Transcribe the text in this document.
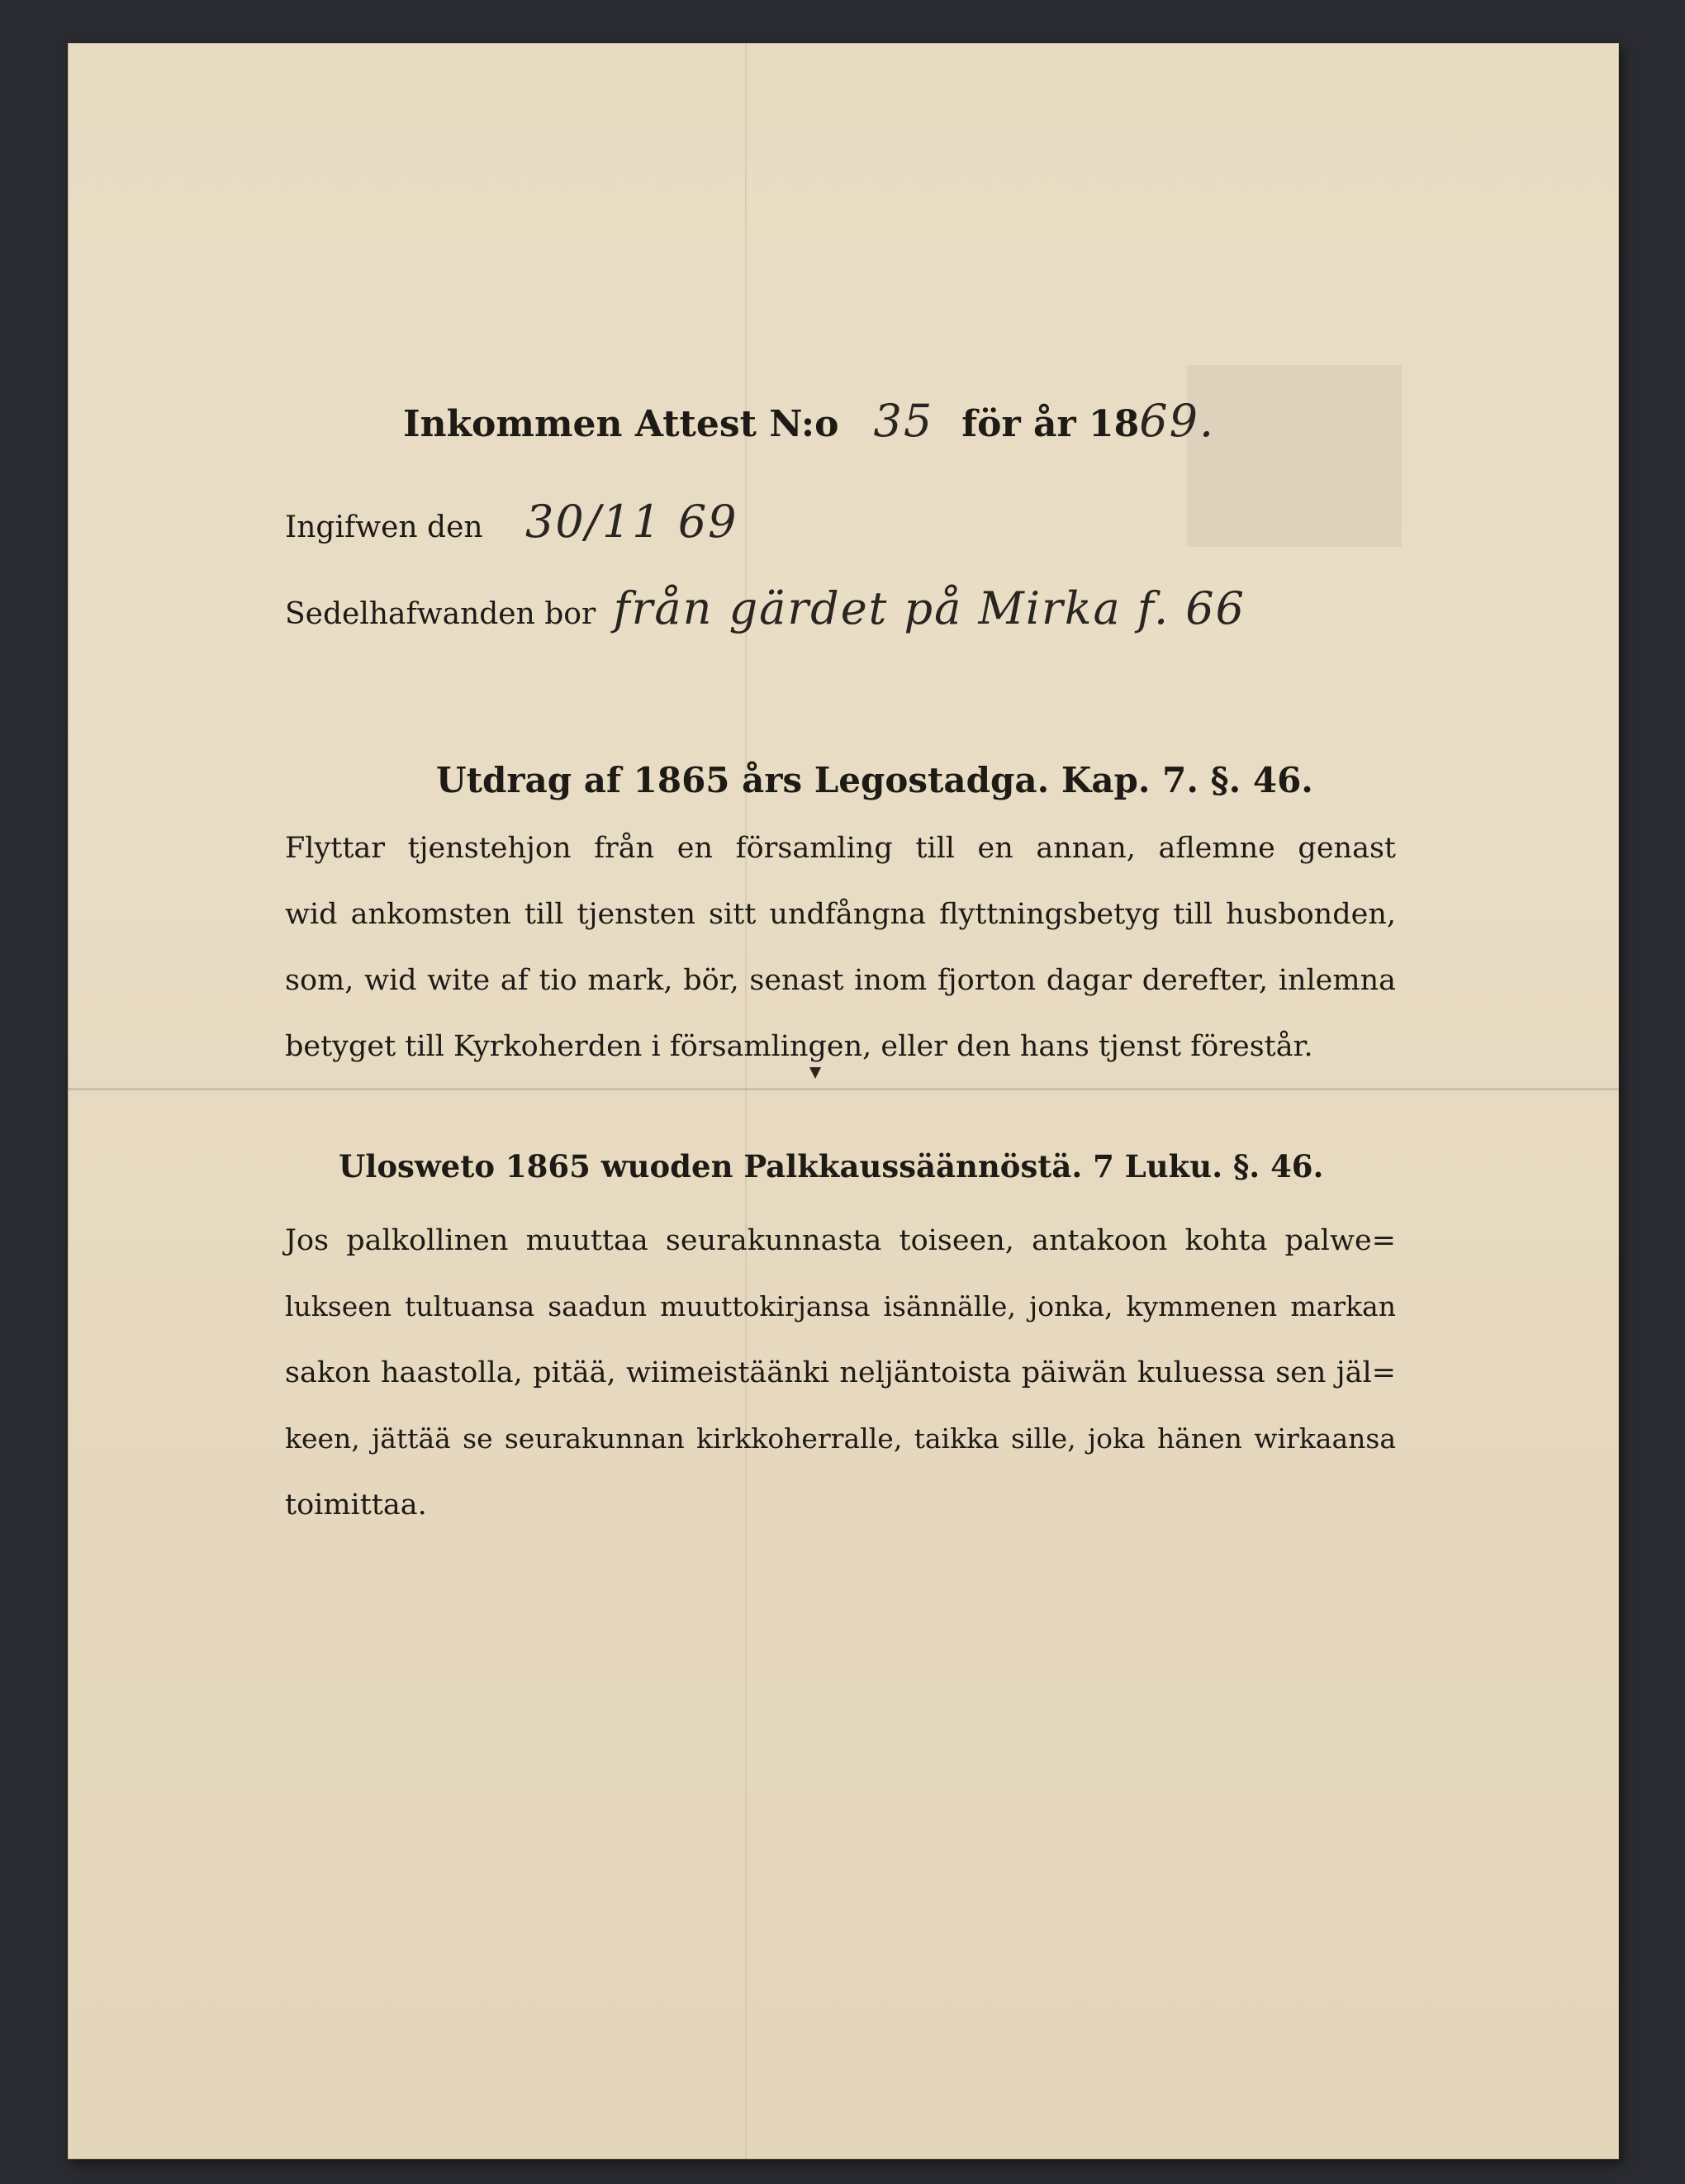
Inkommen Attest N:o 35 för år 1869.
Ingifwen den 30/11 69
Sedelhafwanden bor från gärdet på Mirka f. 66
Utdrag af 1865 års Legostadga. Kap. 7. §. 46.
Flyttar tjenstehjon från en församling till en annan, aflemne genast
wid ankomsten till tjensten sitt undfångna flyttningsbetyg till husbonden,
som, wid wite af tio mark, bör, senast inom fjorton dagar derefter, inlemna
betyget till Kyrkoherden i församlingen, eller den hans tjenst förestår.
Ulosweto 1865 wuoden Palkkaussäännöstä. 7 Luku. §. 46.
Jos palkollinen muuttaa seurakunnasta toiseen, antakoon kohta palwe=
lukseen tultuansa saadun muuttokirjansa isännälle, jonka, kymmenen markan
sakon haastolla, pitää, wiimeistäänki neljäntoista päiwän kuluessa sen jäl=
keen, jättää se seurakunnan kirkkoherralle, taikka sille, joka hänen wirkaansa
toimittaa.
